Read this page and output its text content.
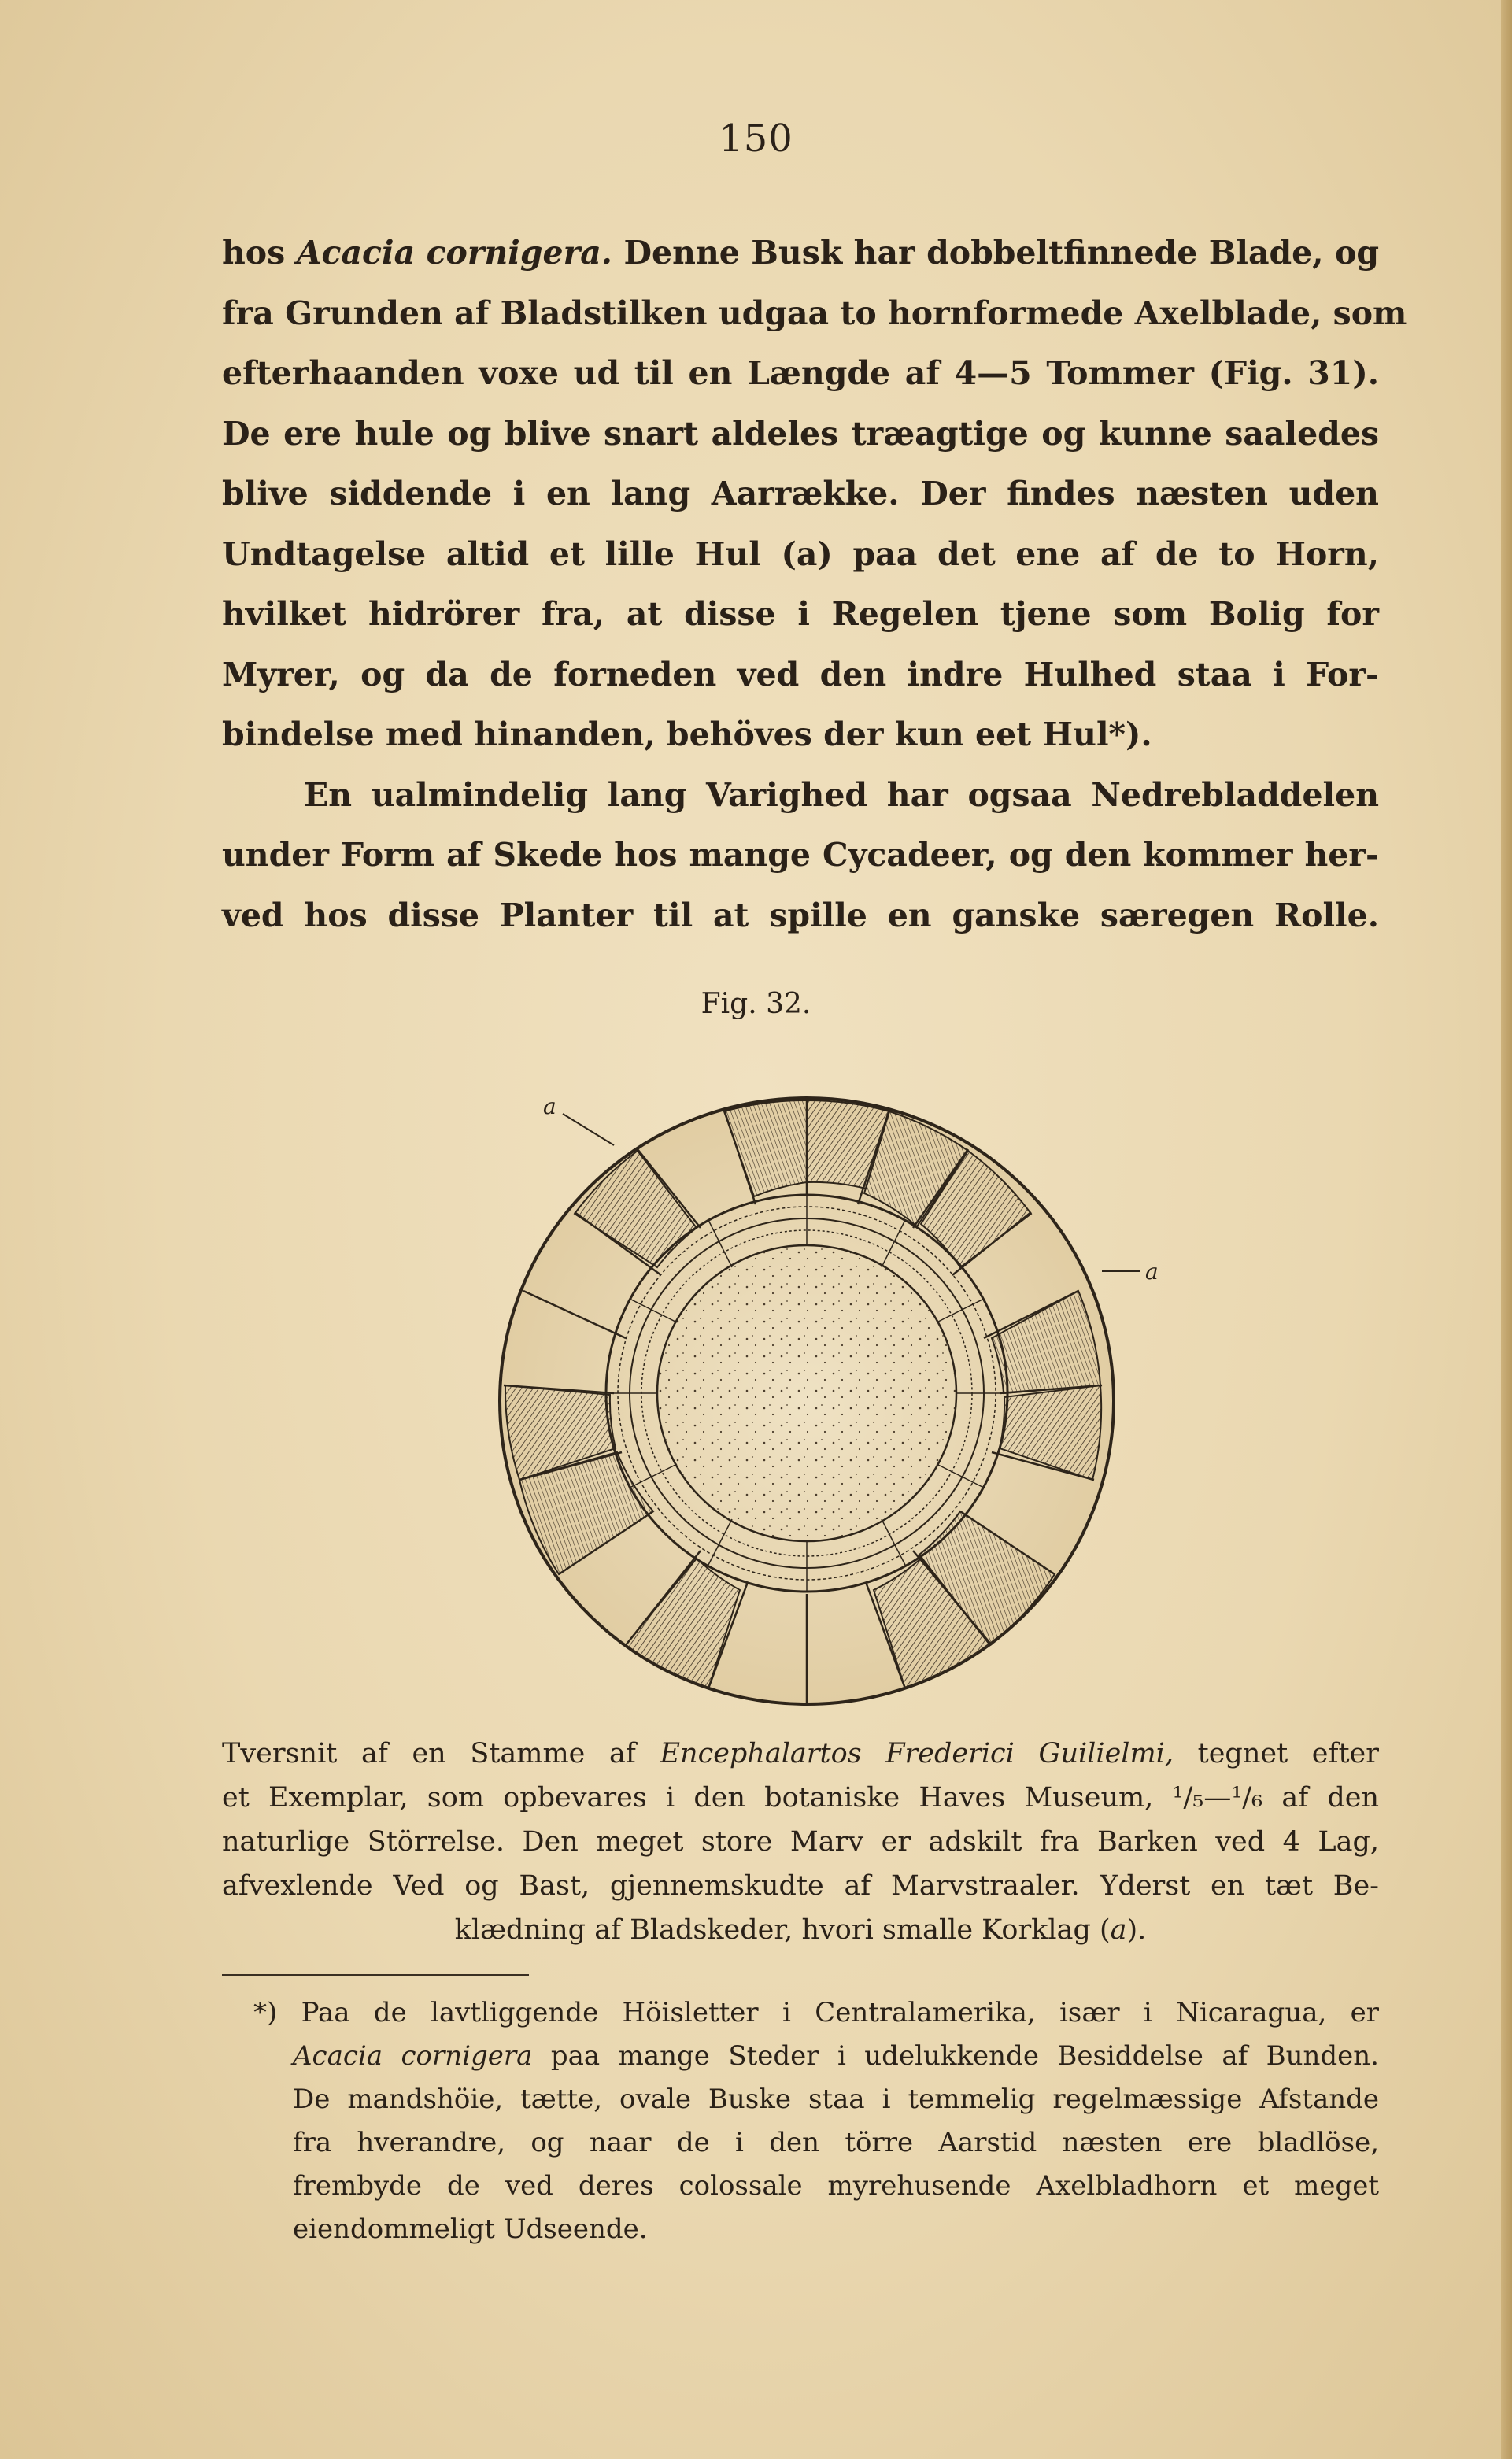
150
hos Acacia cornigera. Denne Busk har dobbeltfinnede Blade, og
fra Grunden af Bladstilken udgaa to hornformede Axelblade, som
efterhaanden voxe ud til en Længde af 4—5 Tommer (Fig. 31).
De ere hule og blive snart aldeles træagtige og kunne saaledes
blive siddende i en lang Aarrække. Der findes næsten uden
Undtagelse altid et lille Hul (a) paa det ene af de to Horn,
hvilket hidrörer fra, at disse i Regelen tjene som Bolig for
Myrer, og da de forneden ved den indre Hulhed staa i For-
bindelse med hinanden, behöves der kun eet Hul*).
En ualmindelig lang Varighed har ogsaa Nedrebladdelen
under Form af Skede hos mange Cycadeer, og den kommer her-
ved hos disse Planter til at spille en ganske særegen Rolle.
Fig. 32.
a
a
Tversnit af en Stamme af Encephalartos Frederici Guilielmi, tegnet efter
et Exemplar, som opbevares i den botaniske Haves Museum, ¹/₅—¹/₆ af den
naturlige Störrelse. Den meget store Marv er adskilt fra Barken ved 4 Lag,
afvexlende Ved og Bast, gjennemskudte af Marvstraaler. Yderst en tæt Be-
klædning af Bladskeder, hvori smalle Korklag (a).
*) Paa de lavtliggende Höisletter i Centralamerika, især i Nicaragua, er
Acacia cornigera paa mange Steder i udelukkende Besiddelse af Bunden.
De mandshöie, tætte, ovale Buske staa i temmelig regelmæssige Afstande
fra hverandre, og naar de i den törre Aarstid næsten ere bladlöse,
frembyde de ved deres colossale myrehusende Axelbladhorn et meget
eiendommeligt Udseende.
